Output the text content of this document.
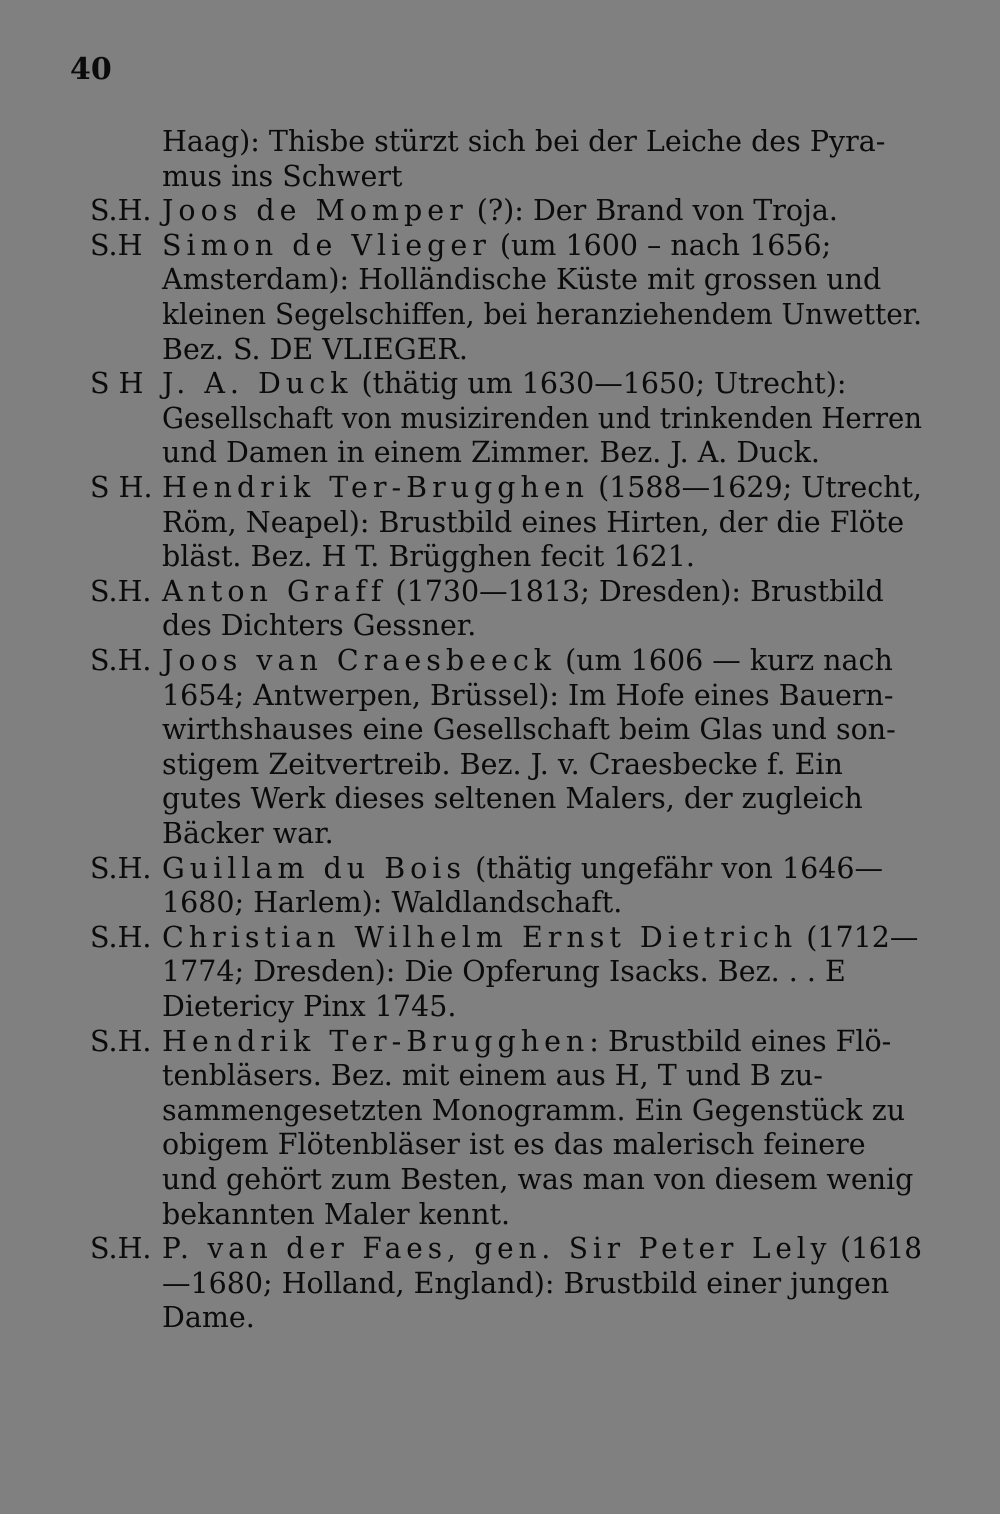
40
Haag): Thisbe stürzt sich bei der Leiche des Pyra-
mus ins Schwert
S.H. Joos de Momper (?): Der Brand von Troja.
S.H Simon de Vlieger (um 1600 – nach 1656;
Amsterdam): Holländische Küste mit grossen und
kleinen Segelschiffen, bei heranziehendem Unwetter.
Bez. S. DE VLIEGER.
S H J. A. Duck (thätig um 1630—1650; Utrecht):
Gesellschaft von musizirenden und trinkenden Herren
und Damen in einem Zimmer. Bez. J. A. Duck.
S H. Hendrik Ter-Brugghen (1588—1629; Utrecht,
Röm, Neapel): Brustbild eines Hirten, der die Flöte
bläst. Bez. H T. Brügghen fecit 1621.
S.H. Anton Graff (1730—1813; Dresden): Brustbild
des Dichters Gessner.
S.H. Joos van Craesbeeck (um 1606 — kurz nach
1654; Antwerpen, Brüssel): Im Hofe eines Bauern-
wirthshauses eine Gesellschaft beim Glas und son-
stigem Zeitvertreib. Bez. J. v. Craesbecke f. Ein
gutes Werk dieses seltenen Malers, der zugleich
Bäcker war.
S.H. Guillam du Bois (thätig ungefähr von 1646—
1680; Harlem): Waldlandschaft.
S.H. Christian Wilhelm Ernst Dietrich (1712—
1774; Dresden): Die Opferung Isacks. Bez. . . E
Dietericy Pinx 1745.
S.H. Hendrik Ter-Brugghen: Brustbild eines Flö-
tenbläsers. Bez. mit einem aus H, T und B zu-
sammengesetzten Monogramm. Ein Gegenstück zu
obigem Flötenbläser ist es das malerisch feinere
und gehört zum Besten, was man von diesem wenig
bekannten Maler kennt.
S.H. P. van der Faes, gen. Sir Peter Lely (1618
—1680; Holland, England): Brustbild einer jungen
Dame.
